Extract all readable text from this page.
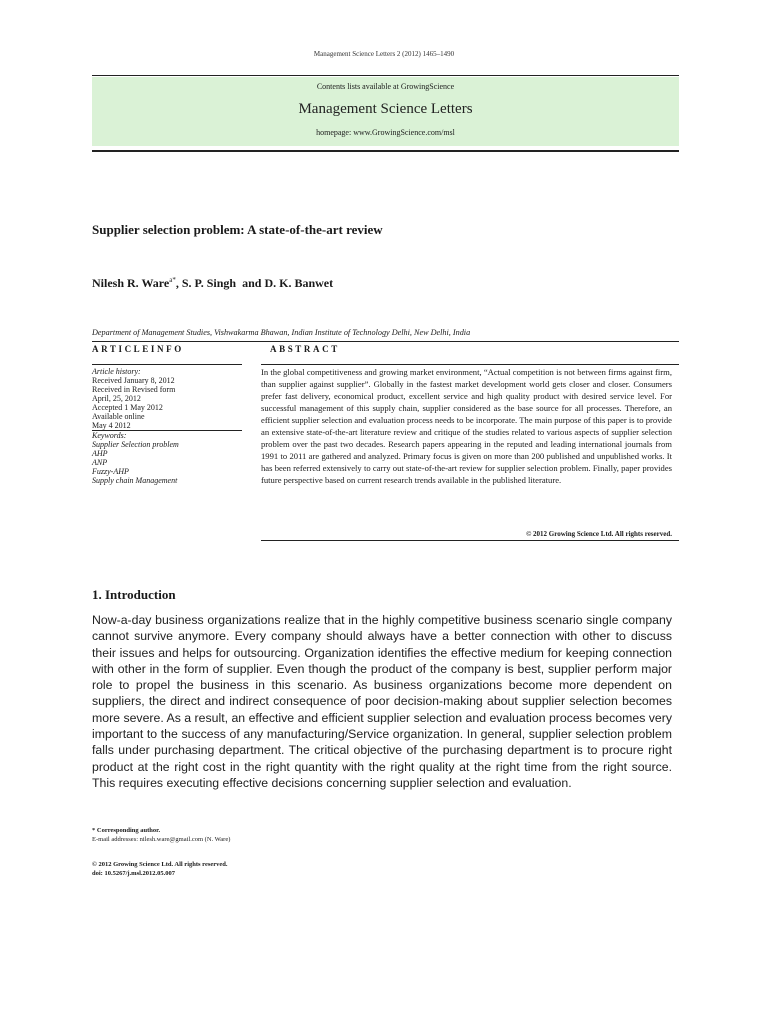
Management Science Letters 2 (2012) 1465–1490
Contents lists available at GrowingScience
Management Science Letters
homepage: www.GrowingScience.com/msl
Supplier selection problem: A state-of-the-art review
Nilesh R. Ware$^{a*}$, S. P. Singh and D. K. Banwet
Department of Management Studies, Vishwakarma Bhawan, Indian Institute of Technology Delhi, New Delhi, India
ARTICLEINFO	ABSTRACT
Article history:
Received January 8, 2012
Received in Revised form
April, 25, 2012
Accepted 1 May 2012
Available online
May 4 2012
Keywords:
Supplier Selection problem
AHP
ANP
Fuzzy-AHP
Supply chain Management
In the global competitiveness and growing market environment, “Actual competition is not between firms against firm, than supplier against supplier”. Globally in the fastest market development world gets closer and closer. Consumers prefer fast delivery, economical product, excellent service and high quality product with desired service level. For successful management of this supply chain, supplier considered as the base source for all processes. Therefore, an efficient supplier selection and evaluation process needs to be incorporate. The main purpose of this paper is to provide an extensive state-of-the-art literature review and critique of the studies related to various aspects of supplier selection problem over the past two decades. Research papers appearing in the reputed and leading international journals from 1991 to 2011 are gathered and analyzed. Primary focus is given on more than 200 published and unpublished works. It has been referred extensively to carry out state-of-the-art review for supplier selection problem. Finally, paper provides future perspective based on current research trends available in the published literature.
© 2012 Growing Science Ltd. All rights reserved.
1. Introduction
Now-a-day business organizations realize that in the highly competitive business scenario single company cannot survive anymore. Every company should always have a better connection with other to discuss their issues and helps for outsourcing. Organization identifies the effective medium for keeping connection with other in the form of supplier. Even though the product of the company is best, supplier perform major role to propel the business in this scenario. As business organizations become more dependent on suppliers, the direct and indirect consequence of poor decision-making about supplier selection becomes more severe. As a result, an effective and efficient supplier selection and evaluation process becomes very important to the success of any manufacturing/Service organization. In general, supplier selection problem falls under purchasing department. The critical objective of the purchasing department is to procure right product at the right cost in the right quantity with the right quality at the right time from the right source. This requires executing effective decisions concerning supplier selection and evaluation.
* Corresponding author.
E-mail addresses: nilesh.ware@gmail.com (N. Ware)
© 2012 Growing Science Ltd. All rights reserved.
doi: 10.5267/j.msl.2012.05.007
